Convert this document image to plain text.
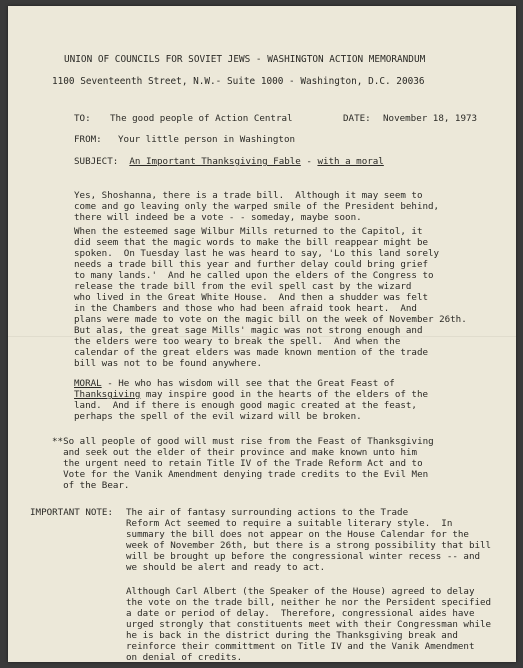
UNION OF COUNCILS FOR SOVIET JEWS - WASHINGTON ACTION MEMORANDUM
1100 Seventeenth Street, N.W.- Suite 1000 - Washington, D.C. 20036
TO: The good people of Action Central	DATE: November 18, 1973
FROM: Your little person in Washington
SUBJECT: An Important Thanksgiving Fable - with a moral
Yes, Shoshanna, there is a trade bill.  Although it may seem to
come and go leaving only the warped smile of the President behind,
there will indeed be a vote - - someday, maybe soon.
When the esteemed sage Wilbur Mills returned to the Capitol, it
did seem that the magic words to make the bill reappear might be
spoken.  On Tuesday last he was heard to say, 'Lo this land sorely
needs a trade bill this year and further delay could bring grief
to many lands.'  And he called upon the elders of the Congress to
release the trade bill from the evil spell cast by the wizard
who lived in the Great White House.  And then a shudder was felt
in the Chambers and those who had been afraid took heart.  And
plans were made to vote on the magic bill on the week of November 26th.
But alas, the great sage Mills' magic was not strong enough and
the elders were too weary to break the spell.  And when the
calendar of the great elders was made known mention of the trade
bill was not to be found anywhere.
MORAL - He who has wisdom will see that the Great Feast of
Thanksgiving may inspire good in the hearts of the elders of the
land.  And if there is enough good magic created at the feast,
perhaps the spell of the evil wizard will be broken.
**So all people of good will must rise from the Feast of Thanksgiving
and seek out the elder of their province and make known unto him
the urgent need to retain Title IV of the Trade Reform Act and to
Vote for the Vanik Amendment denying trade credits to the Evil Men
of the Bear.
IMPORTANT NOTE: The air of fantasy surrounding actions to the Trade
Reform Act seemed to require a suitable literary style.  In
summary the bill does not appear on the House Calendar for the
week of November 26th, but there is a strong possibility that bill
will be brought up before the congressional winter recess -- and
we should be alert and ready to act.
Although Carl Albert (the Speaker of the House) agreed to delay
the vote on the trade bill, neither he nor the Persident specified
a date or period of delay.  Therefore, congressional aides have
urged strongly that constituents meet with their Congressman while
he is back in the district during the Thanksgiving break and
reinforce their committment on Title IV and the Vanik Amendment
on denial of credits.
